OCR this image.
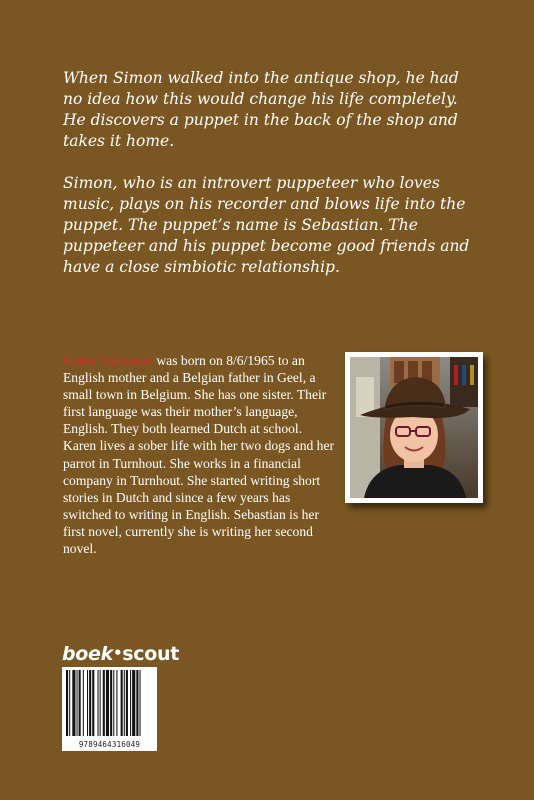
When Simon walked into the antique shop, he had no idea how this would change his life completely. He discovers a puppet in the back of the shop and takes it home.

Simon, who is an introvert puppeteer who loves music, plays on his recorder and blows life into the puppet. The puppet’s name is Sebastian. The puppeteer and his puppet become good friends and have a close simbiotic relationship.

Karen Vanreusel was born on 8/6/1965 to an English mother and a Belgian father in Geel, a small town in Belgium. She has one sister. Their first language was their mother’s language, English. They both learned Dutch at school. Karen lives a sober life with her two dogs and her parrot in Turnhout. She works in a financial company in Turnhout. She started writing short stories in Dutch and since a few years has switched to writing in English. Sebastian is her first novel, currently she is writing her second novel.
boek•scout
9789464316049
